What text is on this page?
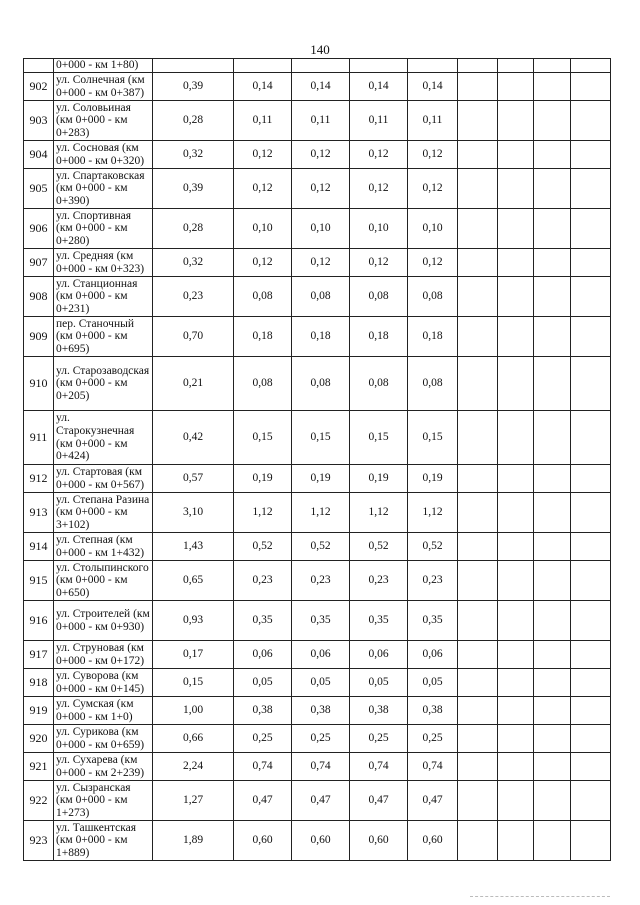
140
	0+000 - км 1+80)									
902	ул. Солнечная (км 0+000 - км 0+387)	0,39	0,14	0,14	0,14	0,14				
903	ул. Соловьиная (км 0+000 - км 0+283)	0,28	0,11	0,11	0,11	0,11				
904	ул. Сосновая (км 0+000 - км 0+320)	0,32	0,12	0,12	0,12	0,12				
905	ул. Спартаковская (км 0+000 - км 0+390)	0,39	0,12	0,12	0,12	0,12				
906	ул. Спортивная (км 0+000 - км 0+280)	0,28	0,10	0,10	0,10	0,10				
907	ул. Средняя (км 0+000 - км 0+323)	0,32	0,12	0,12	0,12	0,12				
908	ул. Станционная (км 0+000 - км 0+231)	0,23	0,08	0,08	0,08	0,08				
909	пер. Станочный (км 0+000 - км 0+695)	0,70	0,18	0,18	0,18	0,18				
910	ул. Старозаводская (км 0+000 - км 0+205)	0,21	0,08	0,08	0,08	0,08				
911	ул. Старокузнечная (км 0+000 - км 0+424)	0,42	0,15	0,15	0,15	0,15				
912	ул. Стартовая (км 0+000 - км 0+567)	0,57	0,19	0,19	0,19	0,19				
913	ул. Степана Разина (км 0+000 - км 3+102)	3,10	1,12	1,12	1,12	1,12				
914	ул. Степная (км 0+000 - км 1+432)	1,43	0,52	0,52	0,52	0,52				
915	ул. Столыпинского (км 0+000 - км 0+650)	0,65	0,23	0,23	0,23	0,23				
916	ул. Строителей (км 0+000 - км 0+930)	0,93	0,35	0,35	0,35	0,35				
917	ул. Струновая (км 0+000 - км 0+172)	0,17	0,06	0,06	0,06	0,06				
918	ул. Суворова (км 0+000 - км 0+145)	0,15	0,05	0,05	0,05	0,05				
919	ул. Сумская (км 0+000 - км 1+0)	1,00	0,38	0,38	0,38	0,38				
920	ул. Сурикова (км 0+000 - км 0+659)	0,66	0,25	0,25	0,25	0,25				
921	ул. Сухарева (км 0+000 - км 2+239)	2,24	0,74	0,74	0,74	0,74				
922	ул. Сызранская (км 0+000 - км 1+273)	1,27	0,47	0,47	0,47	0,47				
923	ул. Ташкентская (км 0+000 - км 1+889)	1,89	0,60	0,60	0,60	0,60				
